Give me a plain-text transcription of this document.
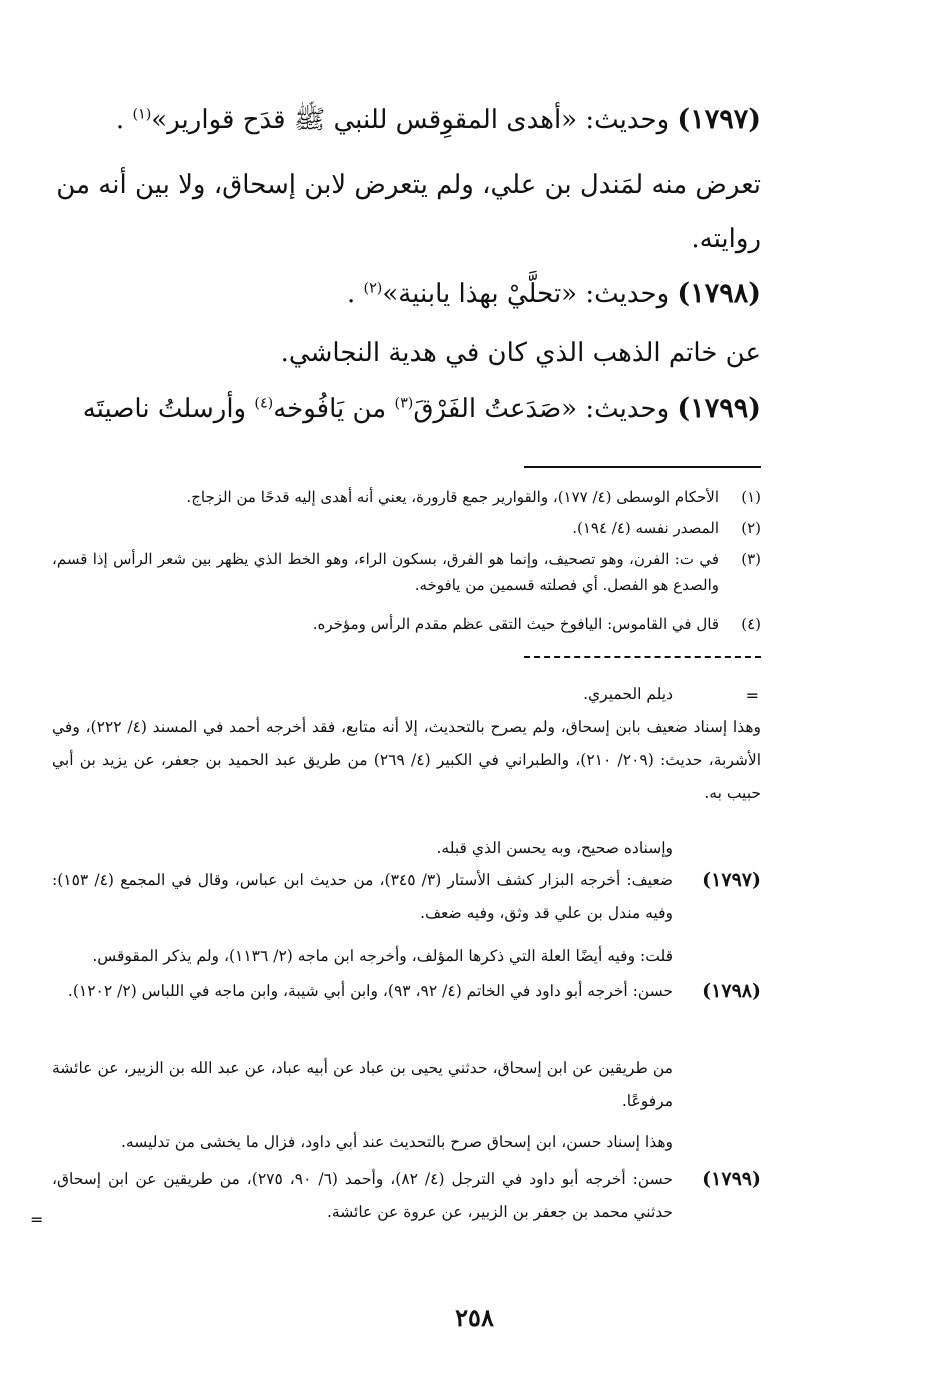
(١٧٩٧) وحديث: «أهدى المقوِقس للنبي ﷺ قدَح قوارير»$^{(١)}$ .
تعرض منه لمَندل بن علي، ولم يتعرض لابن إسحاق، ولا بين أنه من
روايته.
(١٧٩٨) وحديث: «تحلَّيْ بهذا يابنية»$^{(٢)}$ .
عن خاتم الذهب الذي كان في هدية النجاشي.
(١٧٩٩) وحديث: «صَدَعتُ الفَرْقَ$^{(٣)}$ من يَافُوخه$^{(٤)}$ وأرسلتُ ناصيتَه
(١)
الأحكام الوسطى (٤/ ١٧٧)، والقوارير جمع قارورة، يعني أنه أهدى إليه قدحًا من الزجاج.
(٢)
المصدر نفسه (٤/ ١٩٤).
(٣)
في ت: الفرن، وهو تصحيف، وإنما هو الفرق، بسكون الراء، وهو الخط الذي يظهر بين شعر الرأس إذا قسم، والصدع هو الفصل. أي فصلته قسمين من يافوخه.
(٤)
قال في القاموس: اليافوخ حيث التقى عظم مقدم الرأس ومؤخره.
=
ديلم الحميري.
وهذا إسناد ضعيف بابن إسحاق، ولم يصرح بالتحديث، إلا أنه متابع، فقد أخرجه أحمد في المسند (٤/ ٢٢٢)، وفي الأشربة، حديث: (٢٠٩/ ٢١٠)، والطبراني في الكبير (٤/ ٢٦٩) من طريق عبد الحميد بن جعفر، عن يزيد بن أبي حبيب به.
وإسناده صحيح، وبه يحسن الذي قبله.
(١٧٩٧)
ضعيف: أخرجه البزار كشف الأستار (٣/ ٣٤٥)، من حديث ابن عباس، وقال في المجمع (٤/ ١٥٣): وفيه مندل بن علي قد وثق، وفيه ضعف.
قلت: وفيه أيضًا العلة التي ذكرها المؤلف، وأخرجه ابن ماجه (٢/ ١١٣٦)، ولم يذكر المقوقس.
(١٧٩٨)
حسن: أخرجه أبو داود في الخاتم (٤/ ٩٢، ٩٣)، وابن أبي شيبة، وابن ماجه في اللباس (٢/ ١٢٠٢).
من طريقين عن ابن إسحاق، حدثني يحيى بن عباد عن أبيه عباد، عن عبد الله بن الزبير، عن عائشة مرفوعًا.
وهذا إسناد حسن، ابن إسحاق صرح بالتحديث عند أبي داود، فزال ما يخشى من تدليسه.
(١٧٩٩)
حسن: أخرجه أبو داود في الترجل (٤/ ٨٢)، وأحمد (٦/ ٩٠، ٢٧٥)، من طريقين عن ابن إسحاق، حدثني محمد بن جعفر بن الزبير، عن عروة عن عائشة.
=
٢٥٨
